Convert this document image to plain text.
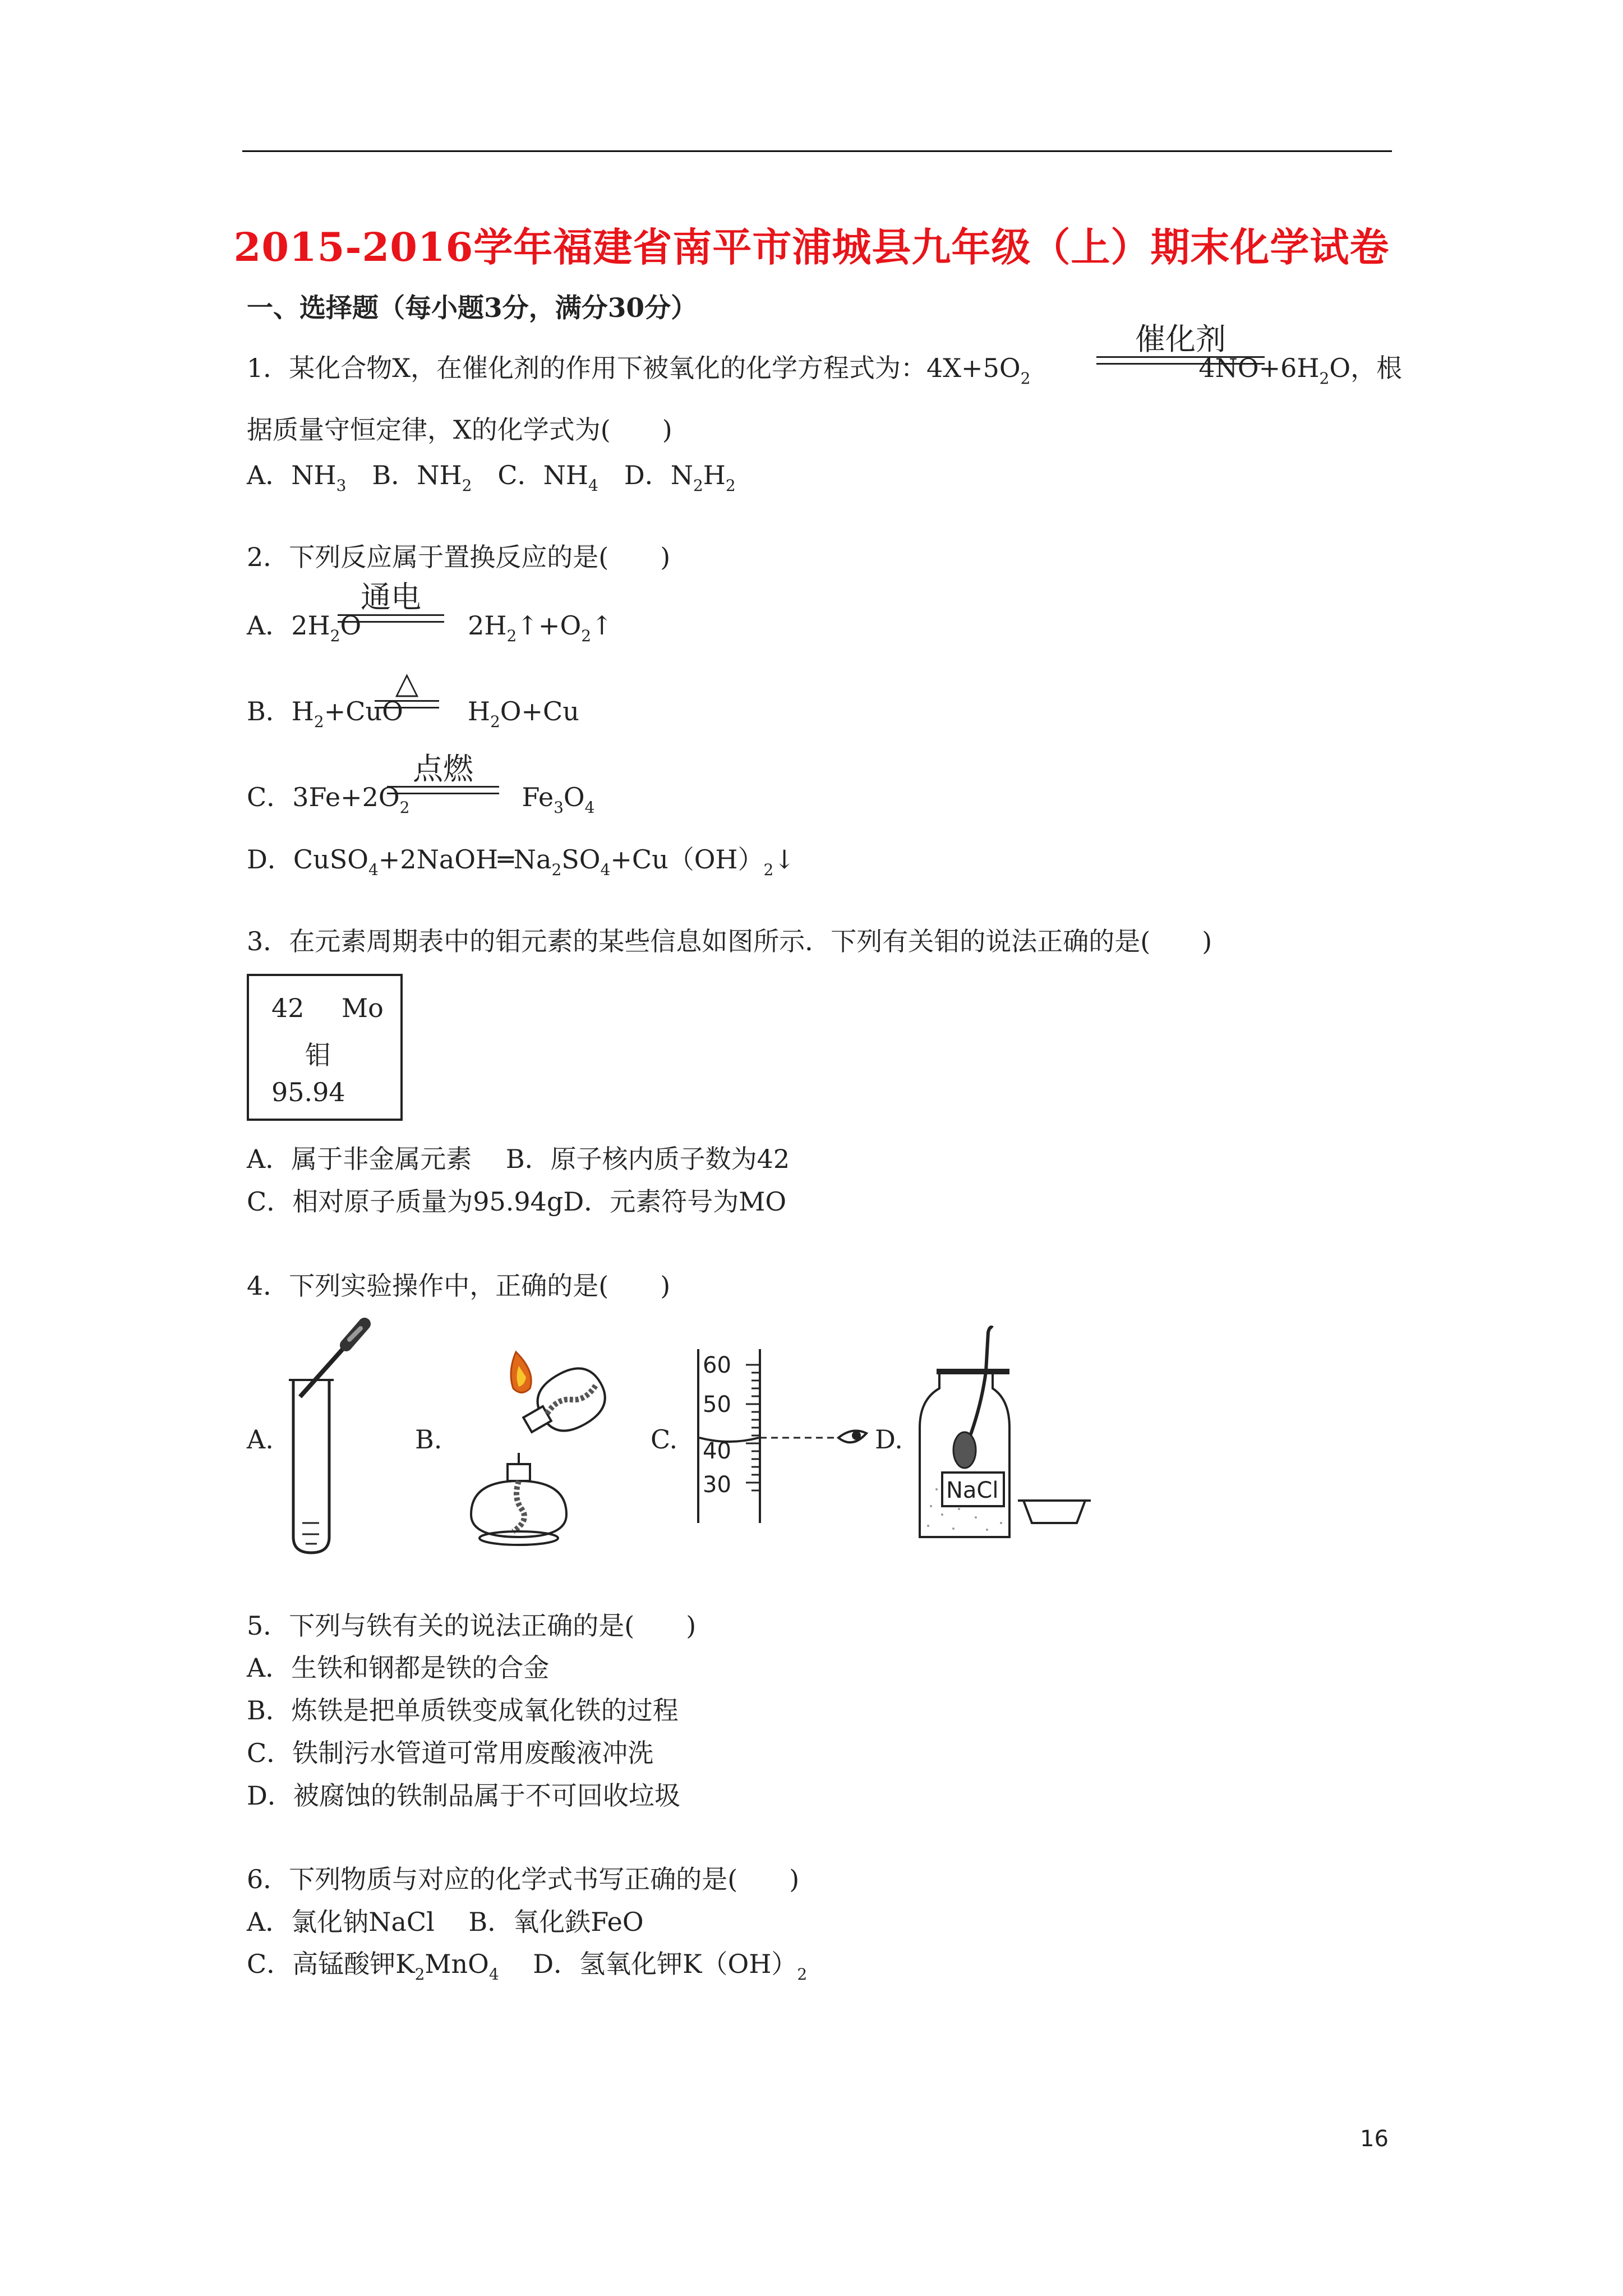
2015-2016学年福建省南平市浦城县九年级（上）期末化学试卷
一、选择题（每小题3分，满分30分）
1．某化合物X，在催化剂的作用下被氧化的化学方程式为：$4X+5O_2$	$4NO+6H_2O$，根
催化剂
据质量守恒定律，X的化学式为(　　)
A．$NH_3$　B．$NH_2$　C．$NH_4$　D．$N_2H_2$
2．下列反应属于置换反应的是(　　)
A．$2H_2O$	$2H_2↑+O_2↑$
通电
B．$H_2+CuO$	$H_2O+Cu$
△
C．$3Fe+2O_2$	$Fe_3O_4$
点燃
D．$CuSO_4+2NaOH═Na_2SO_4+Cu(OH)_2↓$
3．在元素周期表中的钼元素的某些信息如图所示．下列有关钼的说法正确的是(　　)
42 Mo
钼
95.94
A．属于非金属元素　 B．原子核内质子数为42
C．相对原子质量为95.94gD．元素符号为MO
4．下列实验操作中，正确的是(　　)
A.	B.	C.
60
50
40
30
D.
NaCl
5．下列与铁有关的说法正确的是(　　)
A．生铁和钢都是铁的合金
B．炼铁是把单质铁变成氧化铁的过程
C．铁制污水管道可常用废酸液冲洗
D．被腐蚀的铁制品属于不可回收垃圾
6．下列物质与对应的化学式书写正确的是(　　)
A．氯化钠NaCl　 B．氧化鉄FeO
C．高锰酸钾$K_2MnO_4$　 D．氢氧化钾$K(OH)_2$
16
